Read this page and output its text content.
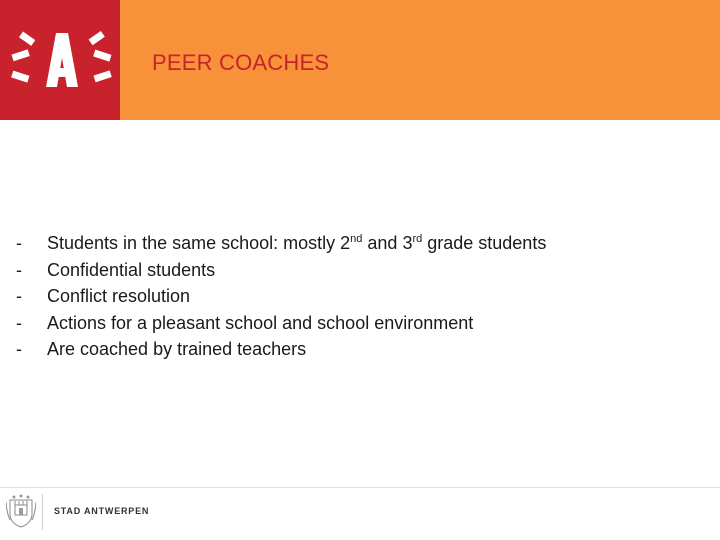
PEER COACHES
- Students in the same school: mostly 2nd and 3rd grade students
- Confidential students
- Conflict resolution
- Actions for a pleasant school and school environment
- Are coached by trained teachers
STAD ANTWERPEN
